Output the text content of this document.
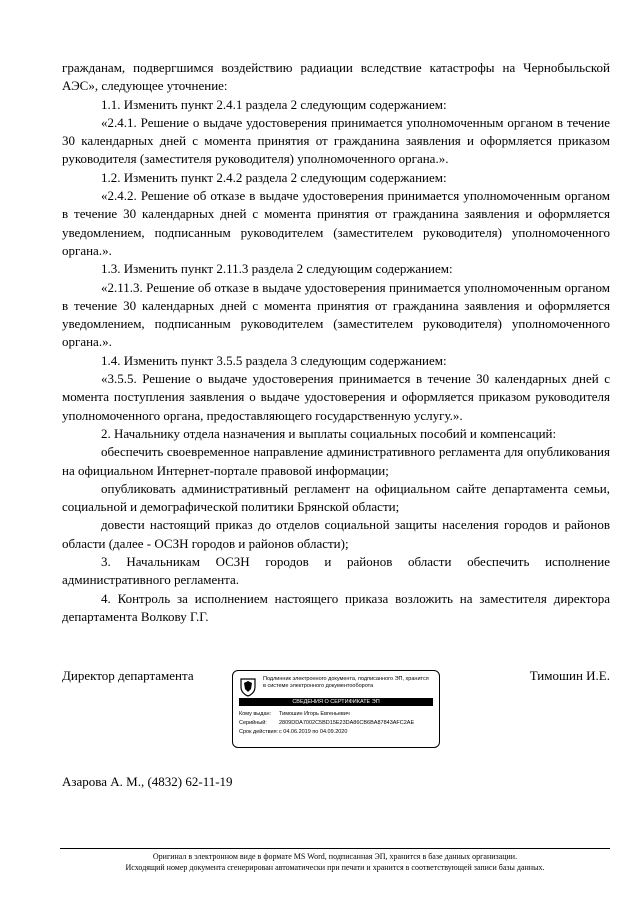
гражданам, подвергшимся воздействию радиации вследствие катастрофы на Чернобыльской АЭС», следующее уточнение:

1.1. Изменить пункт 2.4.1 раздела 2 следующим содержанием:

«2.4.1. Решение о выдаче удостоверения принимается уполномоченным органом в течение 30 календарных дней с момента принятия от гражданина заявления и оформляется приказом руководителя (заместителя руководителя) уполномоченного органа.».

1.2. Изменить пункт 2.4.2 раздела 2 следующим содержанием:

«2.4.2. Решение об отказе в выдаче удостоверения принимается уполномоченным органом в течение 30 календарных дней с момента принятия от гражданина заявления и оформляется уведомлением, подписанным руководителем (заместителем руководителя) уполномоченного органа.».

1.3. Изменить пункт 2.11.3 раздела 2 следующим содержанием:

«2.11.3. Решение об отказе в выдаче удостоверения принимается уполномоченным органом в течение 30 календарных дней с момента принятия от гражданина заявления и оформляется уведомлением, подписанным руководителем (заместителем руководителя) уполномоченного органа.».

1.4. Изменить пункт 3.5.5 раздела 3 следующим содержанием:

«3.5.5. Решение о выдаче удостоверения принимается в течение 30 календарных дней с момента поступления заявления о выдаче удостоверения и оформляется приказом руководителя уполномоченного органа, предоставляющего государственную услугу.».

2. Начальнику отдела назначения и выплаты социальных пособий и компенсаций:

обеспечить своевременное направление административного регламента для опубликования на официальном Интернет-портале правовой информации;

опубликовать административный регламент на официальном сайте департамента семьи, социальной и демографической политики Брянской области;

довести настоящий приказ до отделов социальной защиты населения городов и районов области (далее - ОСЗН городов и районов области);

3. Начальникам ОСЗН городов и районов области обеспечить исполнение административного регламента.

4. Контроль за исполнением настоящего приказа возложить на заместителя директора департамента Волкову Г.Г.

Директор департамента	Подлинник электронного документа, подписанного ЭП, хранится в системе электронного документооборота
СВЕДЕНИЯ О СЕРТИФИКАТЕ ЭП
Кому выдан: Тимошин Игорь Евгеньевич
Серийный: 2809DDA7002C5BD15E23DA86CB6BA87843AFC2AE
Срок действия:с 04.06.2019 по 04.09.2020
Тимошин И.Е.
Азарова А. М., (4832) 62-11-19
Оригинал в электронном виде в формате MS Word, подписанная ЭП, хранится в базе данных организации.
Исходящий номер документа сгенерирован автоматически при печати и хранится в соответствующей записи базы данных.
